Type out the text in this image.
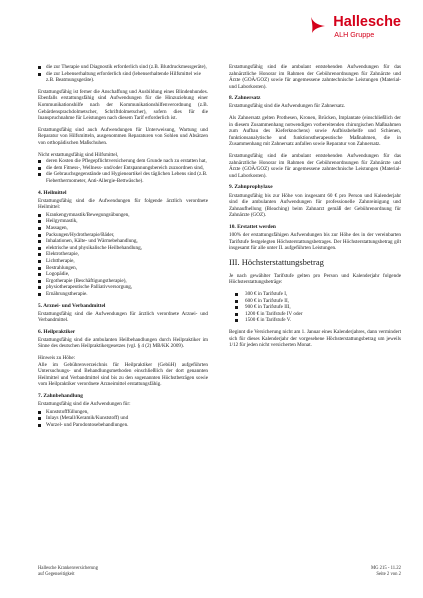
Hallesche
ALH Gruppe
die zur Therapie und Diagnostik erforderlich sind (z.B. Blutdruckmessgeräte),
die zur Lebenserhaltung erforderlich sind (lebenserhaltende Hilfsmittel wie z.B. Beatmungsgeräte).

Erstattungsfähig ist ferner die Anschaffung und Ausbildung eines Blindenhundes. Ebenfalls erstattungsfähig sind Aufwendungen für die Hinzuziehung einer Kommunikationshilfe nach der Kommunikationshilfenverordnung (z.B. Gebärdensprachdolmetscher, Schriftdolmetscher), sofern dies für die Inanspruchnahme für Leistungen nach diesem Tarif erforderlich ist.

Erstattungsfähig sind auch Aufwendungen für Unterweisung, Wartung und Reparatur von Hilfsmitteln, ausgenommen Reparaturen von Sohlen und Absätzen von orthopädischen Maßschuhen.

Nicht erstattungsfähig sind Hilfsmittel,

deren Kosten die Pflegepflichtversicherung dem Grunde nach zu erstatten hat,
die dem Fitness-, Wellness- und/oder Entspannungsbereich zuzuordnen sind,
die Gebrauchsgegenstände und Hygieneartikel des täglichen Lebens sind (z.B. Fieberthermometer, Anti-Allergie-Bettwäsche).
4. Heilmittel

Erstattungsfähig sind die Aufwendungen für folgende ärztlich verordnete Heilmittel:

Krankengymnastik/Bewegungsübungen,
Heilgymnastik,
Massagen,
Packungen/Hydrotherapie/Bäder,
Inhalationen, Kälte- und Wärmebehandlung,
elektrische und physikalische Heilbehandlung,
Elektrotherapie,
Lichttherapie,
Bestrahlungen,
Logopädie,
Ergotherapie (Beschäftigungstherapie),
physiotherapeutische Palliativversorgung,
Ernährungstherapie.
5. Arznei- und Verbandmittel

Erstattungsfähig sind die Aufwendungen für ärztlich verordnete Arznei- und Verbandmittel.

6. Heilpraktiker

Erstattungsfähig sind die ambulanten Heilbehandlungen durch Heilpraktiker im Sinne des deutschen Heilpraktikergesetzes (vgl. § 4 (2) MB/KK 2009).

Hinweis zu Höhe:

Alle im Gebührenverzeichnis für Heilpraktiker (GebüH) aufgeführten Untersuchungs- und Behandlungsmethoden einschließlich der dort genannten Heilmittel und Verbandmittel sind bis zu den sogenannten Höchstbeträgen sowie vom Heilpraktiker verordnete Arzneimittel erstattungsfähig.

7. Zahnbehandlung

Erstattungsfähig sind die Aufwendungen für:

Kunststofffüllungen,
Inlays (Metall/Keramik/Kunststoff) und
Wurzel- und Parodontosebehandlungen.

Erstattungsfähig sind die ambulant entstehenden Aufwendungen für das zahnärztliche Honorar im Rahmen der Gebührenordnungen für Zahnärzte und Ärzte (GOÄ/GOZ) sowie für angemessene zahntechnische Leistungen (Material- und Laborkosten).

8. Zahnersatz

Erstattungsfähig sind die Aufwendungen für Zahnersatz.

Als Zahnersatz gelten Prothesen, Kronen, Brücken, Implantate (einschließlich der in diesem Zusammenhang notwendigen vorbereitenden chirurgischen Maßnahmen zum Aufbau des Kieferknochens) sowie Aufbissbehelfe und Schienen, funktionsanalytische und funktionstherapeutische Maßnahmen, die in Zusammenhang mit Zahnersatz anfallen sowie Reparatur von Zahnersatz.

Erstattungsfähig sind die ambulant entstehenden Aufwendungen für das zahnärztliche Honorar im Rahmen der Gebührenordnungen für Zahnärzte und Ärzte (GOÄ/GOZ) sowie für angemessene zahntechnische Leistungen (Material- und Laborkosten).

9. Zahnprophylaxe

Erstattungsfähig bis zur Höhe von insgesamt 60 € pro Person und Kalenderjahr sind die ambulanten Aufwendungen für professionelle Zahnreinigung und Zahnaufhellung (Bleaching) beim Zahnarzt gemäß der Gebührenordnung für Zahnärzte (GOZ).

10. Erstattet werden

100% der erstattungsfähigen Aufwendungen bis zur Höhe des in der vereinbarten Tarifstufe festgelegten Höchsterstattungsbetrages. Der Höchsterstattungsbetrag gilt insgesamt für alle unter II. aufgeführten Leistungen.

III. Höchsterstattungsbetrag

Je nach gewählter Tarifstufe gelten pro Person und Kalenderjahr folgende Höchsterstattungsbeträge:

300 € in Tarifstufe I,
600 € in Tarifstufe II,
900 € in Tarifstufe III,
1200 € in Tarifstufe IV oder
1500 € in Tarifstufe V.

Beginnt die Versicherung nicht am 1. Januar eines Kalenderjahres, dann vermindert sich für dieses Kalenderjahr der vorgesehene Höchsterstattungsbetrag um jeweils 1/12 für jeden nicht versicherten Monat.

Hallesche Krankenversicherung
auf Gegenseitigkeit
MG 215 - 11.22
Seite 2 von 2
